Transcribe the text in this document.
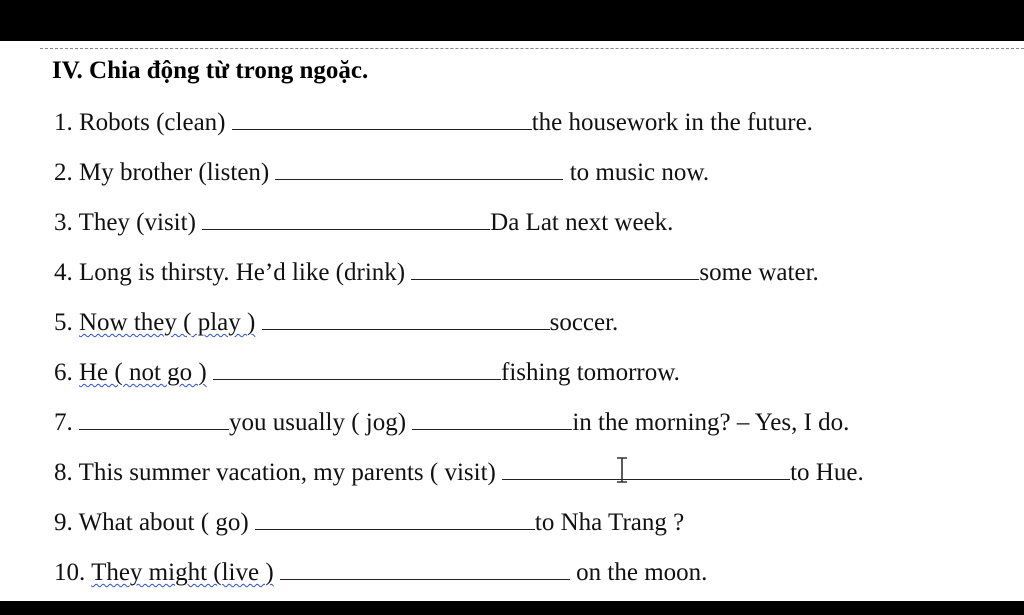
IV. Chia động từ trong ngoặc.
1. Robots (clean)	the housework in the future.
2. My brother (listen)	to music now.
3. They (visit)	Da Lat next week.
4. Long is thirsty. He’d like (drink)	some water.
5. Now they ( play )	soccer.
6. He ( not go )	fishing tomorrow.
7.	you usually ( jog)	in the morning? – Yes, I do.
8. This summer vacation, my parents ( visit)	to Hue.
9. What about ( go)	to Nha Trang ?
10. They might (live )	on the moon.
